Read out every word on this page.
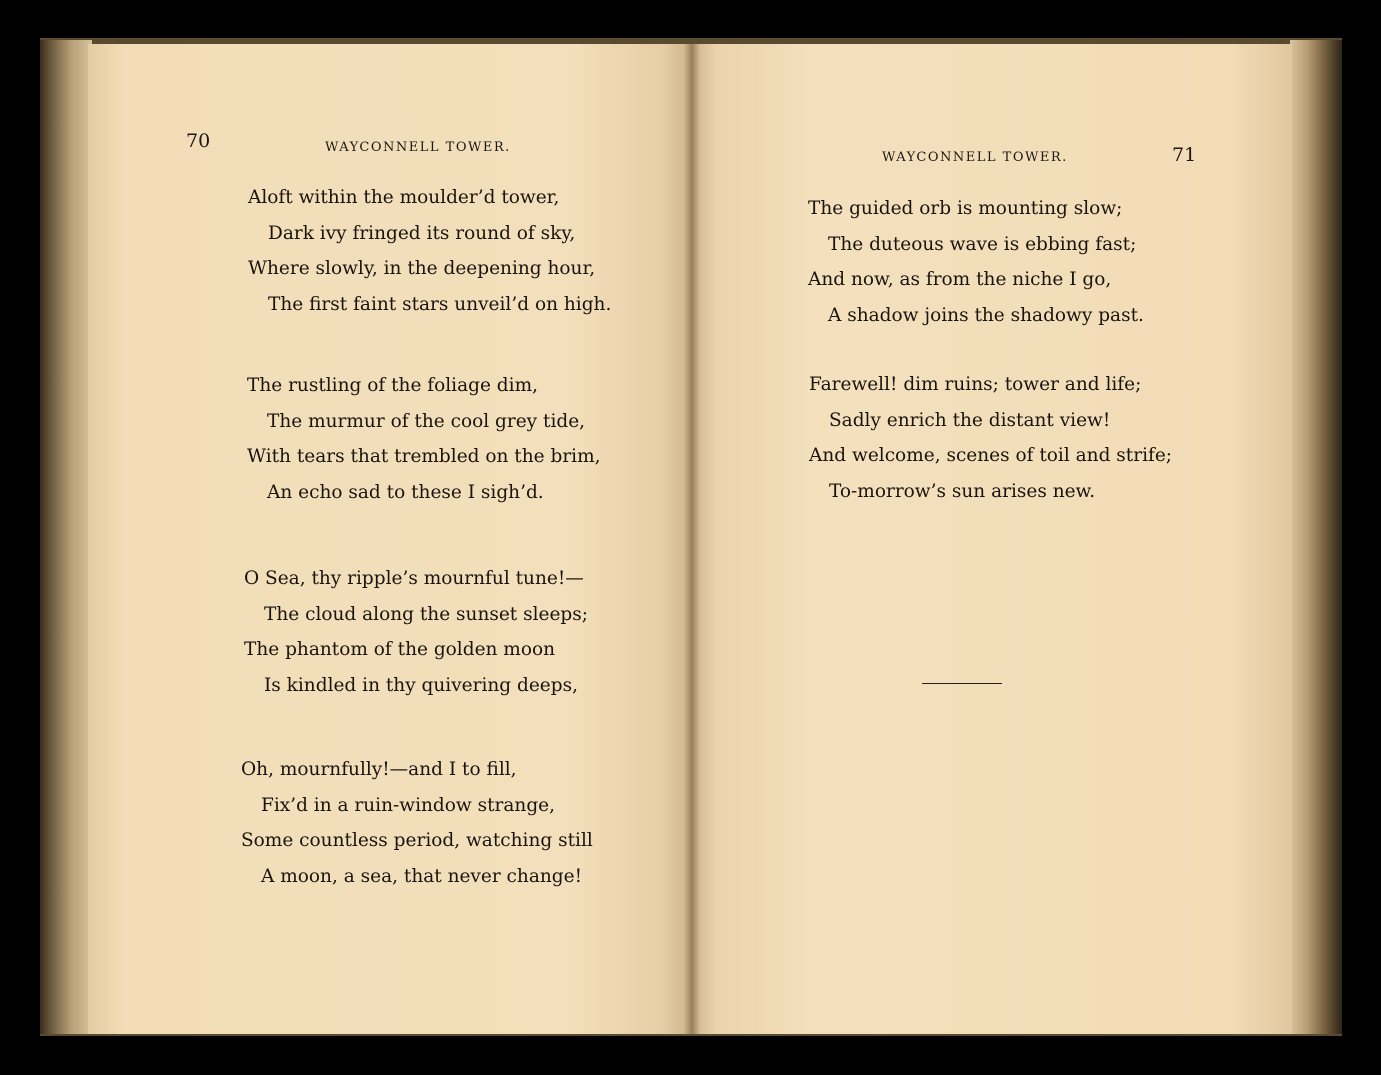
70	WAYCONNELL TOWER.
Aloft within the moulder’d tower,
Dark ivy fringed its round of sky,
Where slowly, in the deepening hour,
The first faint stars unveil’d on high.
The rustling of the foliage dim,
The murmur of the cool grey tide,
With tears that trembled on the brim,
An echo sad to these I sigh’d.
O Sea, thy ripple’s mournful tune!—
The cloud along the sunset sleeps;
The phantom of the golden moon
Is kindled in thy quivering deeps,
Oh, mournfully!—and I to fill,
Fix’d in a ruin-window strange,
Some countless period, watching still
A moon, a sea, that never change!
WAYCONNELL TOWER.	71
The guided orb is mounting slow;
The duteous wave is ebbing fast;
And now, as from the niche I go,
A shadow joins the shadowy past.
Farewell! dim ruins; tower and life;
Sadly enrich the distant view!
And welcome, scenes of toil and strife;
To-morrow’s sun arises new.
